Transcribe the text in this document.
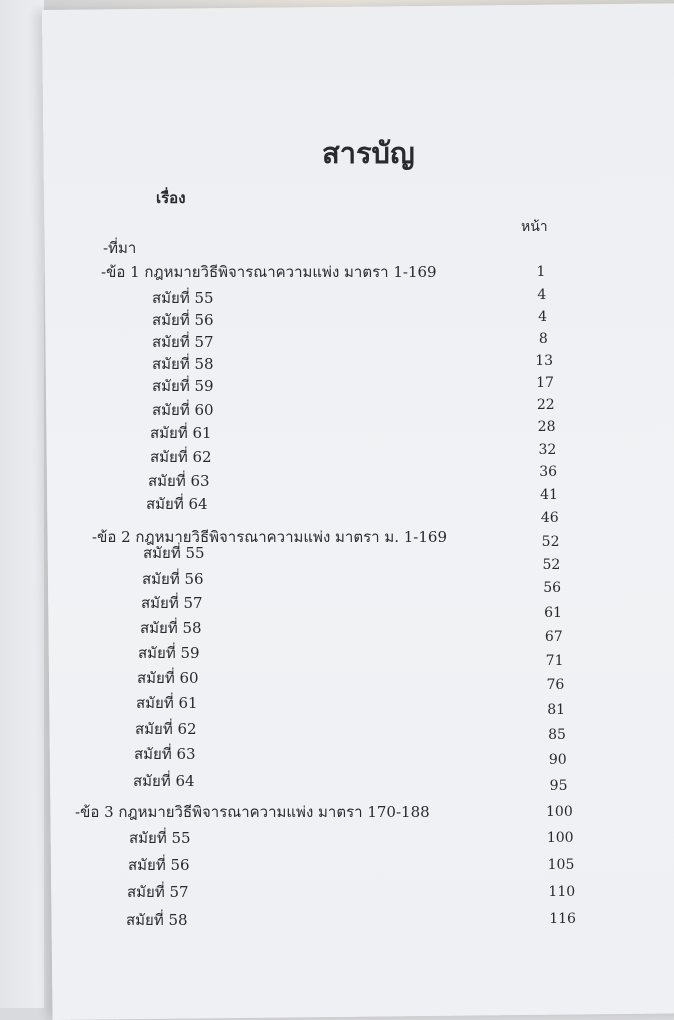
สารบัญ
เรื่อง
หน้า
-ที่มา
-ข้อ 1 กฎหมายวิธีพิจารณาความแพ่ง มาตรา 1-169
สมัยที่ 55
สมัยที่ 56
สมัยที่ 57
สมัยที่ 58
สมัยที่ 59
สมัยที่ 60
สมัยที่ 61
สมัยที่ 62
สมัยที่ 63
สมัยที่ 64
-ข้อ 2 กฎหมายวิธีพิจารณาความแพ่ง มาตรา ม. 1-169
สมัยที่ 55
สมัยที่ 56
สมัยที่ 57
สมัยที่ 58
สมัยที่ 59
สมัยที่ 60
สมัยที่ 61
สมัยที่ 62
สมัยที่ 63
สมัยที่ 64
-ข้อ 3 กฎหมายวิธีพิจารณาความแพ่ง มาตรา 170-188
สมัยที่ 55
สมัยที่ 56
สมัยที่ 57
สมัยที่ 58
1
4
4
8
13
17
22
28
32
36
41
46
52
52
56
61
67
71
76
81
85
90
95
100
100
105
110
116
